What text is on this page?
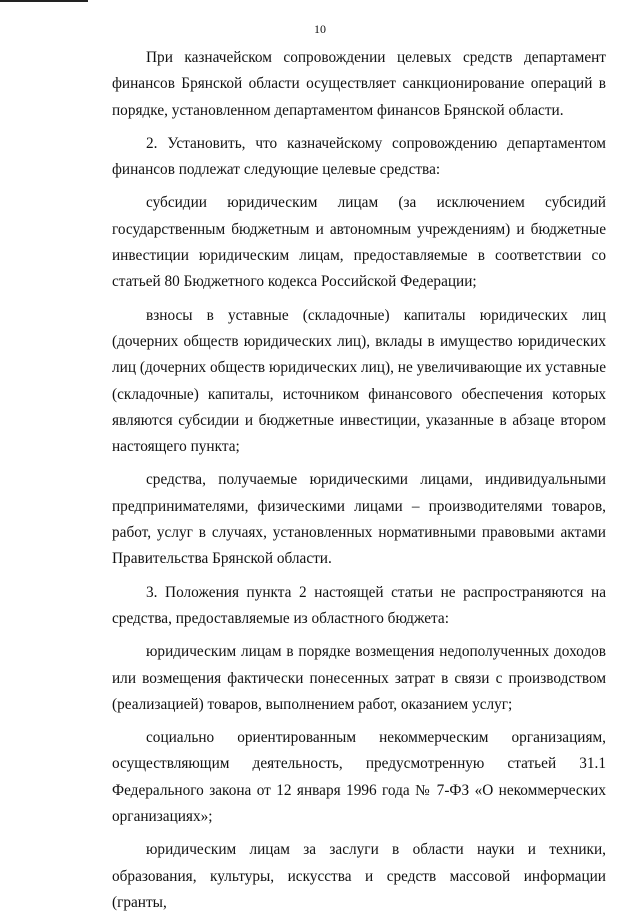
10

При казначейском сопровождении целевых средств департамент финансов Брянской области осуществляет санкционирование операций в порядке, установленном департаментом финансов Брянской области.

2. Установить, что казначейскому сопровождению департаментом финансов подлежат следующие целевые средства:

субсидии юридическим лицам (за исключением субсидий государственным бюджетным и автономным учреждениям) и бюджетные инвестиции юридическим лицам, предоставляемые в соответствии со статьей 80 Бюджетного кодекса Российской Федерации;

взносы в уставные (складочные) капиталы юридических лиц (дочерних обществ юридических лиц), вклады в имущество юридических лиц (дочерних обществ юридических лиц), не увеличивающие их уставные (складочные) капиталы, источником финансового обеспечения которых являются субсидии и бюджетные инвестиции, указанные в абзаце втором настоящего пункта;

средства, получаемые юридическими лицами, индивидуальными предпринимателями, физическими лицами – производителями товаров, работ, услуг в случаях, установленных нормативными правовыми актами Правительства Брянской области.

3. Положения пункта 2 настоящей статьи не распространяются на средства, предоставляемые из областного бюджета:

юридическим лицам в порядке возмещения недополученных доходов или возмещения фактически понесенных затрат в связи с производством (реализацией) товаров, выполнением работ, оказанием услуг;

социально ориентированным некоммерческим организациям, осуществляющим деятельность, предусмотренную статьей 31.1 Федерального закона от 12 января 1996 года № 7-ФЗ «О некоммерческих организациях»;

юридическим лицам за заслуги в области науки и техники, образования, культуры, искусства и средств массовой информации (гранты,
